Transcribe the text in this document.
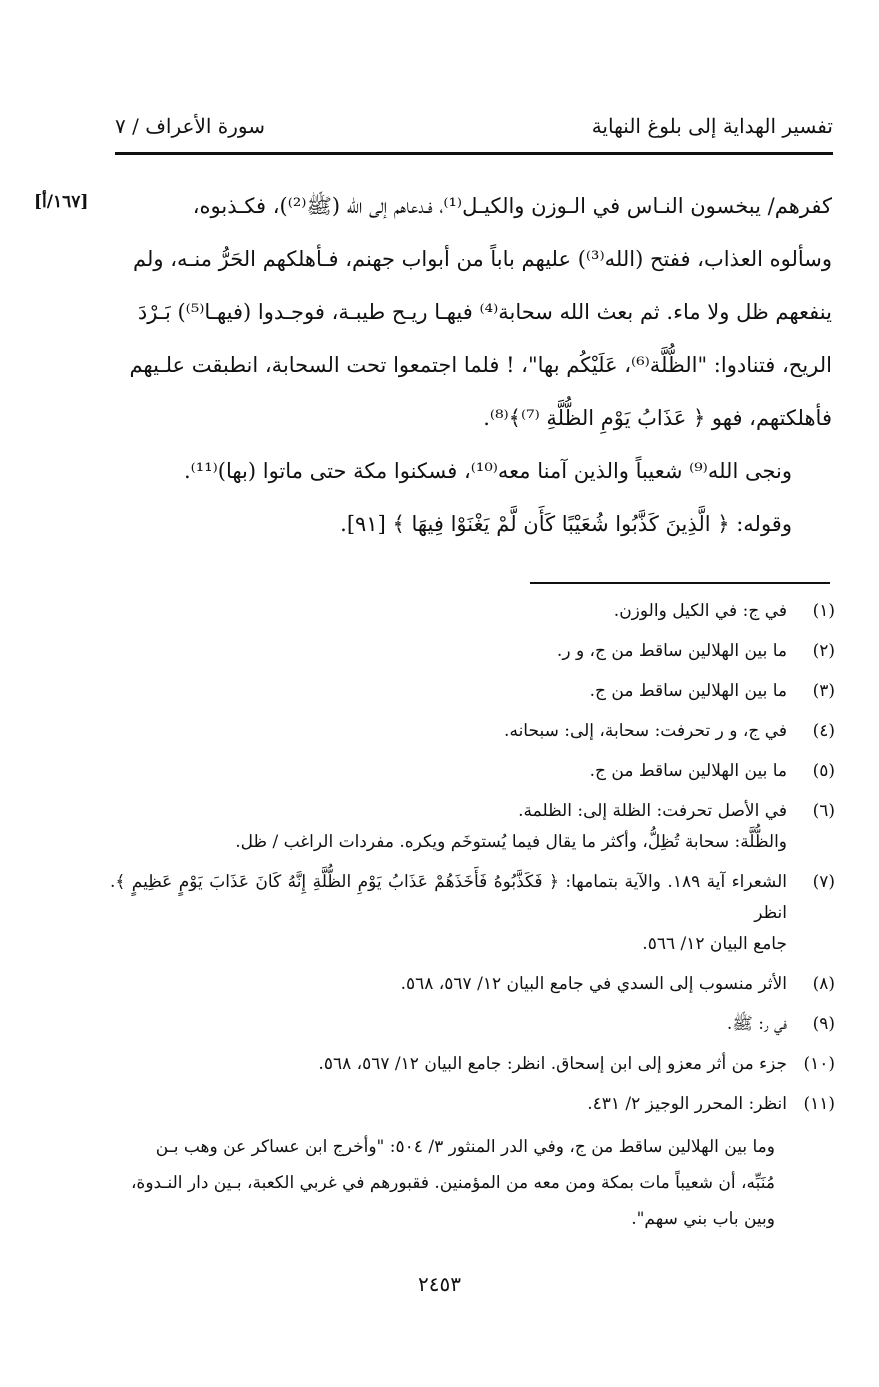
تفسير الهداية إلى بلوغ النهاية
سورة الأعراف / ٧
[١٦٧/أ]	كفرهم/ يبخسون النـاس في الـوزن والكيـل⁽¹⁾، فـدعاهم إلى الله (ﷺ⁽²⁾)، فكـذبوه،

وسألوه العذاب، ففتح (الله⁽³⁾) عليهم باباً من أبواب جهنم، فـأهلكهم الحَرُّ منـه، ولم

ينفعهم ظل ولا ماء. ثم بعث الله سحابة⁽⁴⁾ فيهـا ريـح طيبـة، فوجـدوا (فيهـا⁽⁵⁾) بَـرْدَ

الريح، فتنادوا: "الظُّلَّة⁽⁶⁾، عَلَيْكُم بها"، ! فلما اجتمعوا تحت السحابة، انطبقت علـيهم

فأهلكتهم، فهو ﴿ عَذَابُ يَوْمِ الظُّلَّةِ ⁽⁷⁾﴾⁽⁸⁾.

ونجى الله⁽⁹⁾ شعيباً والذين آمنا معه⁽¹⁰⁾، فسكنوا مكة حتى ماتوا (بها)⁽¹¹⁾.

وقوله: ﴿ الَّذِينَ كَذَّبُوا شُعَيْبًا كَأَن لَّمْ يَغْنَوْا فِيهَا ﴾ [٩١].

(١)
في ج: في الكيل والوزن.
(٢)
ما بين الهلالين ساقط من ج، و ر.
(٣)
ما بين الهلالين ساقط من ج.
(٤)
في ج، و ر تحرفت: سحابة، إلى: سبحانه.
(٥)
ما بين الهلالين ساقط من ج.
(٦)
في الأصل تحرفت: الظلة إلى: الظلمة.
والظُّلَّة: سحابة تُظِلُّ، وأكثر ما يقال فيما يُستوخَم ويكره. مفردات الراغب / ظل.
(٧)
الشعراء آية ١٨٩. والآية بتمامها: ﴿ فَكَذَّبُوهُ فَأَخَذَهُمْ عَذَابُ يَوْمِ الظُّلَّةِ إِنَّهُ كَانَ عَذَابَ يَوْمٍ عَظِيمٍ ﴾. انظر
جامع البيان ١٢/ ٥٦٦.
(٨)
الأثر منسوب إلى السدي في جامع البيان ١٢/ ٥٦٧، ٥٦٨.
(٩)
في ر: ﷺ.
(١٠)
جزء من أثر معزو إلى ابن إسحاق. انظر: جامع البيان ١٢/ ٥٦٧، ٥٦٨.
(١١)
انظر: المحرر الوجيز ٢/ ٤٣١.
وما بين الهلالين ساقط من ج، وفي الدر المنثور ٣/ ٥٠٤: "وأخرج ابن عساكر عن وهب بـن
مُنَبِّه، أن شعيباً مات بمكة ومن معه من المؤمنين. فقبورهم في غربي الكعبة، بـين دار النـدوة،
وبين باب بني سهم".
٢٤٥٣
